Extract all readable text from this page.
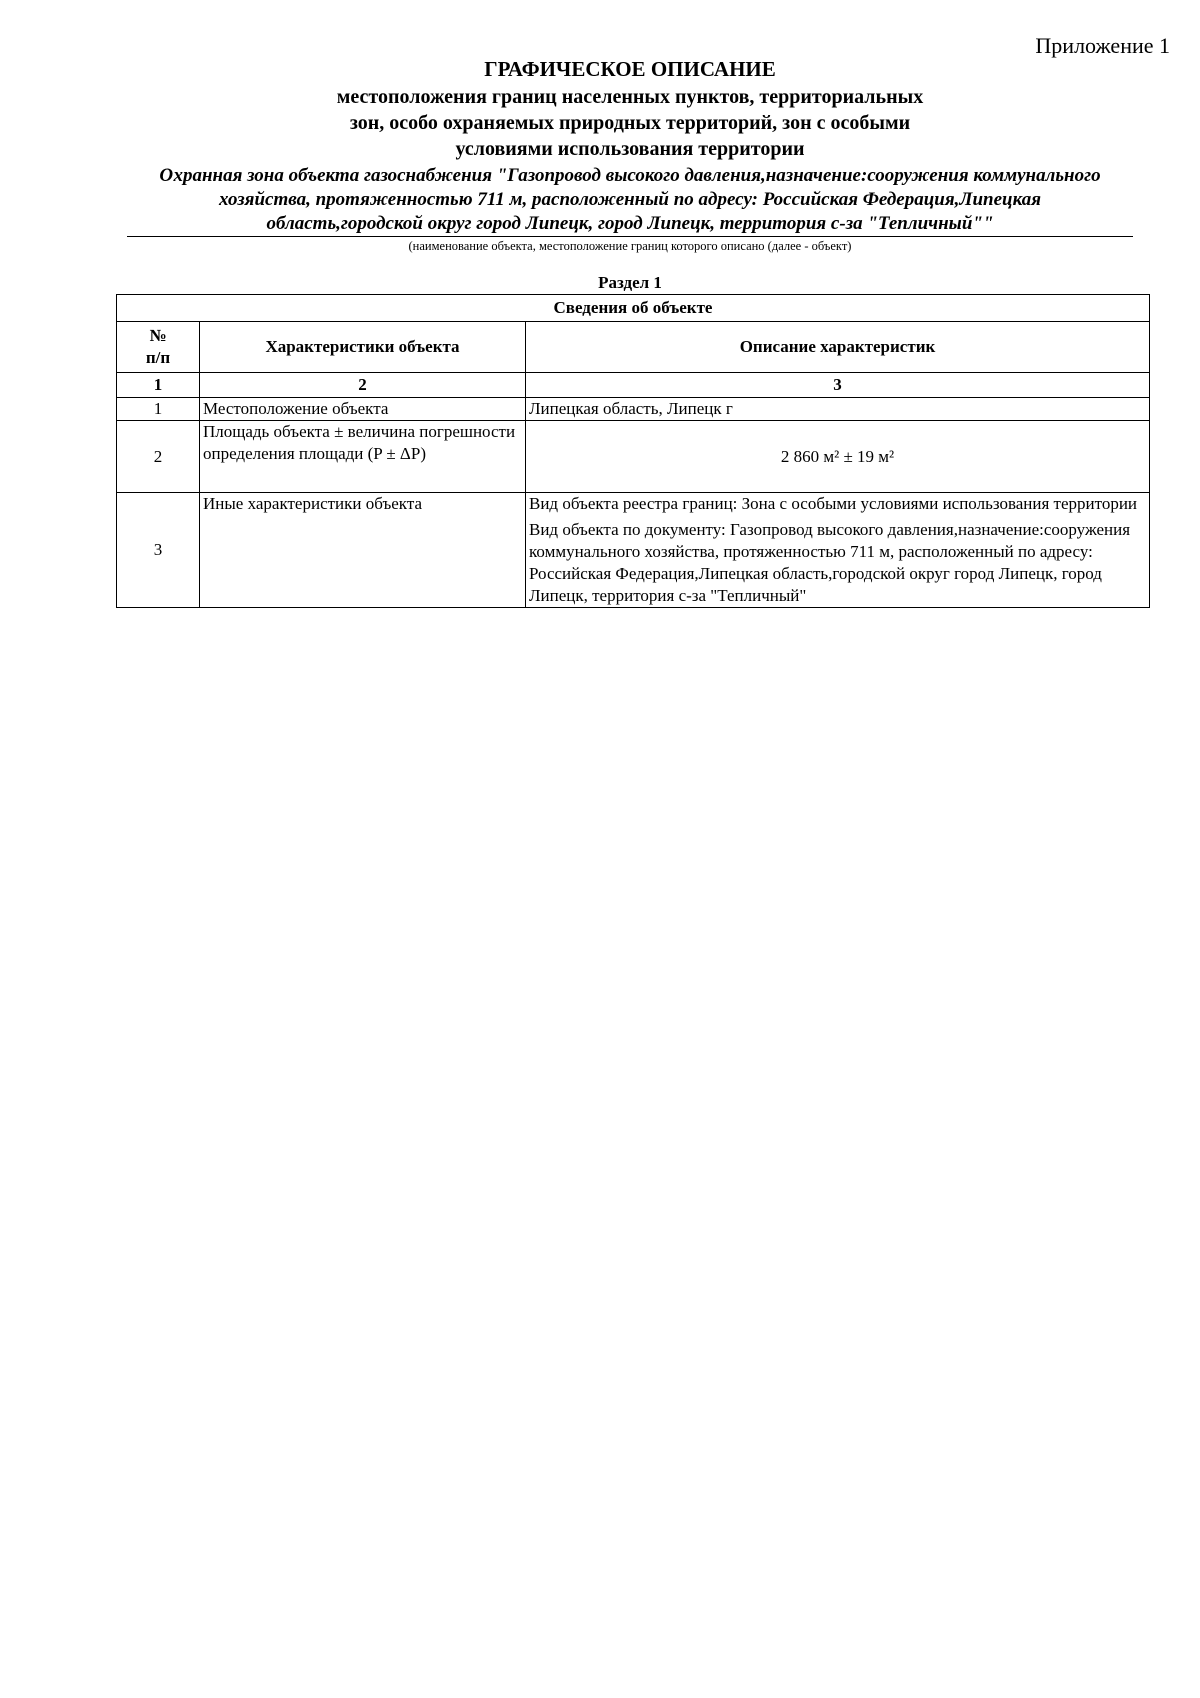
Приложение 1
ГРАФИЧЕСКОЕ ОПИСАНИЕ
местоположения границ населенных пунктов, территориальных
зон, особо охраняемых природных территорий, зон с особыми
условиями использования территории
Охранная зона объекта газоснабжения "Газопровод высокого давления,назначение:сооружения коммунального
хозяйства, протяженностью 711 м, расположенный по адресу: Российская Федерация,Липецкая
область,городской округ город Липецк, город Липецк, территория с-за "Тепличный""
(наименование объекта, местоположение границ которого описано (далее - объект)
Раздел 1
Сведения об объекте		
№
п/п	Характеристики объекта	Описание характеристик
1	2	3
1	Местоположение объекта	Липецкая область, Липецк г

2	Площадь объекта ± величина погрешности определения площади (P ± ΔP)	2 860 м² ± 19 м²

3	Иные характеристики объекта	Вид объекта реестра границ: Зона с особыми условиями использования территории
Вид объекта по документу: Газопровод высокого давления,назначение:сооружения коммунального хозяйства, протяженностью 711 м, расположенный по адресу: Российская Федерация,Липецкая область,городской округ город Липецк, город Липецк, территория с-за "Тепличный"
